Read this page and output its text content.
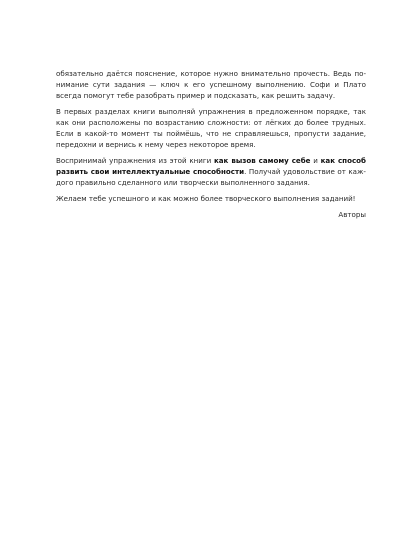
обязательно даётся пояснение, которое нужно внимательно прочесть. Ведь понимание сути задания — ключ к его успешному выполнению. Софи и Плато всегда помогут тебе разобрать пример и подсказать, как решить задачу.
В первых разделах книги выполняй упражнения в предложенном порядке, так как они расположены по возрастанию сложности: от лёгких до более трудных. Если в какой-то момент ты поймёшь, что не справляешься, пропусти задание, передохни и вернись к нему через некоторое время.
Воспринимай упражнения из этой книги как вызов самому себе и как способ развить свои интеллектуальные способности. Получай удовольствие от каждого правильно сделанного или творчески выполненного задания.
Желаем тебе успешного и как можно более творческого выполнения заданий!
Авторы
